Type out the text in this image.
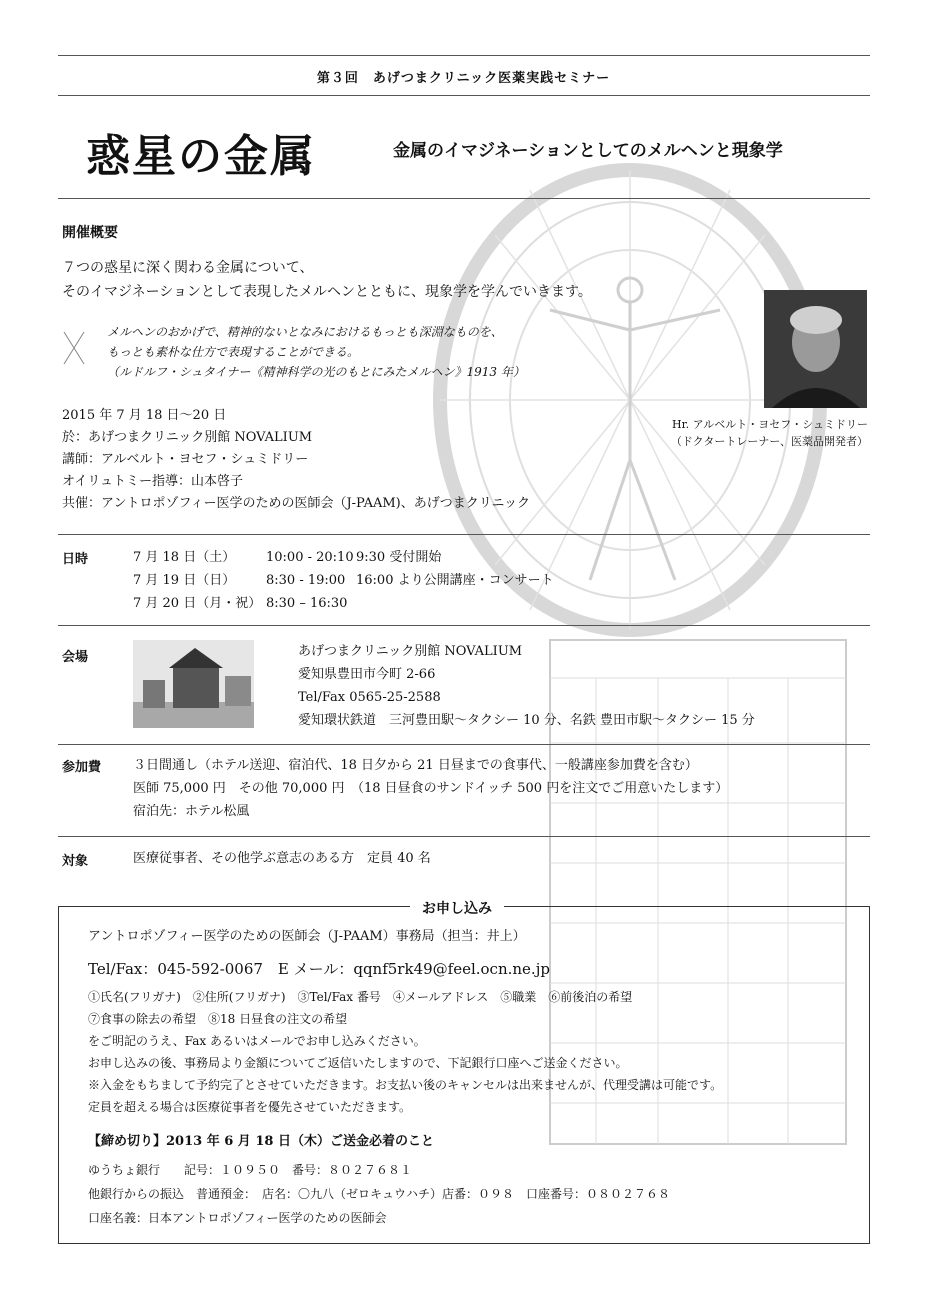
第３回　あげつまクリニック医薬実践セミナー
惑星の金属	金属のイマジネーションとしてのメルヘンと現象学
開催概要
７つの惑星に深く関わる金属について、
そのイマジネーションとして表現したメルヘンとともに、現象学を学んでいきます。
メルヘンのおかげで、精神的ないとなみにおけるもっとも深淵なものを、
もっとも素朴な仕方で表現することができる。
（ルドルフ・シュタイナー《精神科学の光のもとにみたメルヘン》1913 年）
Hr. アルベルト・ヨセフ・シュミドリー
（ドクタートレーナー、医薬品開発者）
2015 年 7 月 18 日〜20 日
於：あげつまクリニック別館 NOVALIUM
講師：アルベルト・ヨセフ・シュミドリー
オイリュトミー指導：山本啓子
共催：アントロポゾフィー医学のための医師会（J-PAAM)、あげつまクリニック
日時	7 月 18 日（土） 10:00 - 20:10 9:30 受付開始
7 月 19 日（日） 8:30 - 19:00 16:00 より公開講座・コンサート
7 月 20 日（月・祝） 8:30 – 16:30
会場	あげつまクリニック別館 NOVALIUM
愛知県豊田市今町 2-66
Tel/Fax 0565-25-2588
愛知環状鉄道　三河豊田駅〜タクシー 10 分、名鉄 豊田市駅〜タクシー 15 分
参加費 ３日間通し（ホテル送迎、宿泊代、18 日夕から 21 日昼までの食事代、一般講座参加費を含む）
医師 75,000 円　その他 70,000 円　（18 日昼食のサンドイッチ 500 円を注文でご用意いたします）
宿泊先：ホテル松風
対象	医療従事者、その他学ぶ意志のある方　定員 40 名
お申し込み
アントロポゾフィー医学のための医師会（J-PAAM）事務局（担当：井上）
Tel/Fax：045-592-0067　E メール：qqnf5rk49@feel.ocn.ne.jp
①氏名(フリガナ)　②住所(フリガナ)　③Tel/Fax 番号　④メールアドレス　⑤職業　⑥前後泊の希望
⑦食事の除去の希望　⑧18 日昼食の注文の希望
をご明記のうえ、Fax あるいはメールでお申し込みください。
お申し込みの後、事務局より金額についてご返信いたしますので、下記銀行口座へご送金ください。
※入金をもちまして予約完了とさせていただきます。お支払い後のキャンセルは出来ませんが、代理受講は可能です。
定員を超える場合は医療従事者を優先させていただきます。
【締め切り】2013 年 6 月 18 日（木）ご送金必着のこと
ゆうちょ銀行　　記号：１０９５０　番号：８０２７６８１
他銀行からの振込　普通預金：　店名：〇九八（ゼロキュウハチ）店番：０９８　口座番号：０８０２７６８
口座名義：日本アントロポゾフィー医学のための医師会
